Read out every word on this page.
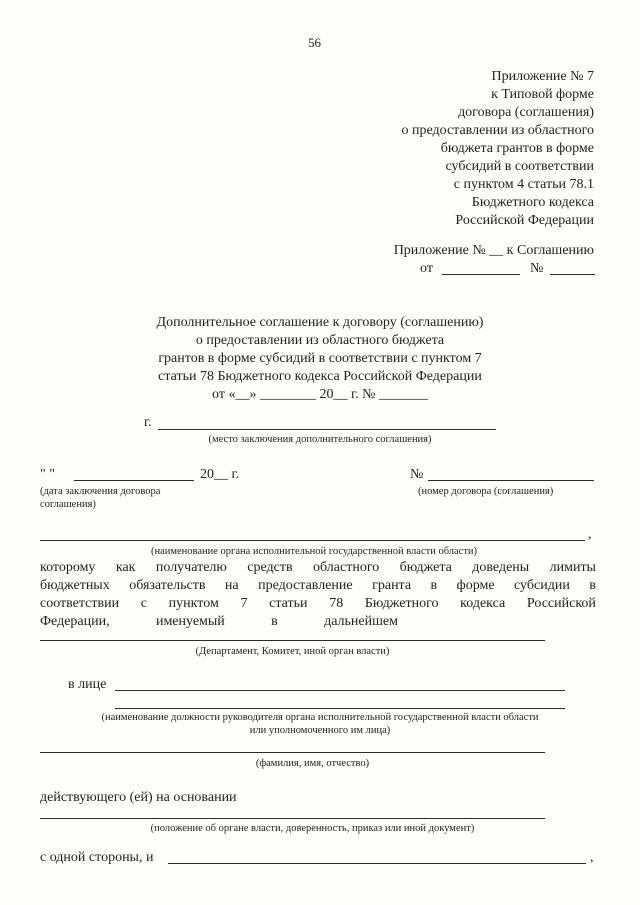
56
Приложение № 7
к Типовой форме
договора (соглашения)
о предоставлении из областного
бюджета грантов в форме
субсидий в соответствии
с пунктом 4 статьи 78.1
Бюджетного кодекса
Российской Федерации
Приложение № __ к Соглашению
от	№
Дополнительное соглашение к договору (соглашению)
о предоставлении из областного бюджета
грантов в форме субсидий в соответствии с пунктом 7
статьи 78 Бюджетного кодекса Российской Федерации
от «__» ________ 20__ г. № _______
г.
(место заключения дополнительного соглашения)
" "	20__ г.	№
(дата заключения договора
соглашения)
(номер договора (соглашения)
,
(наименование органа исполнительной государственной власти области)
которому как получателю средств областного бюджета доведены лимиты
бюджетных обязательств на предоставление гранта в форме субсидии в
соответствии с пунктом 7 статьи 78 Бюджетного кодекса Российской
Федерации,	именуемый	в	дальнейшем
(Департамент, Комитет, иной орган власти)
в лице
(наименование должности руководителя органа исполнительной государственной власти области
или уполномоченного им лица)
(фамилия, имя, отчество)
действующего (ей) на основании
(положение об органе власти, доверенность, приказ или иной документ)
с одной стороны, и	,
